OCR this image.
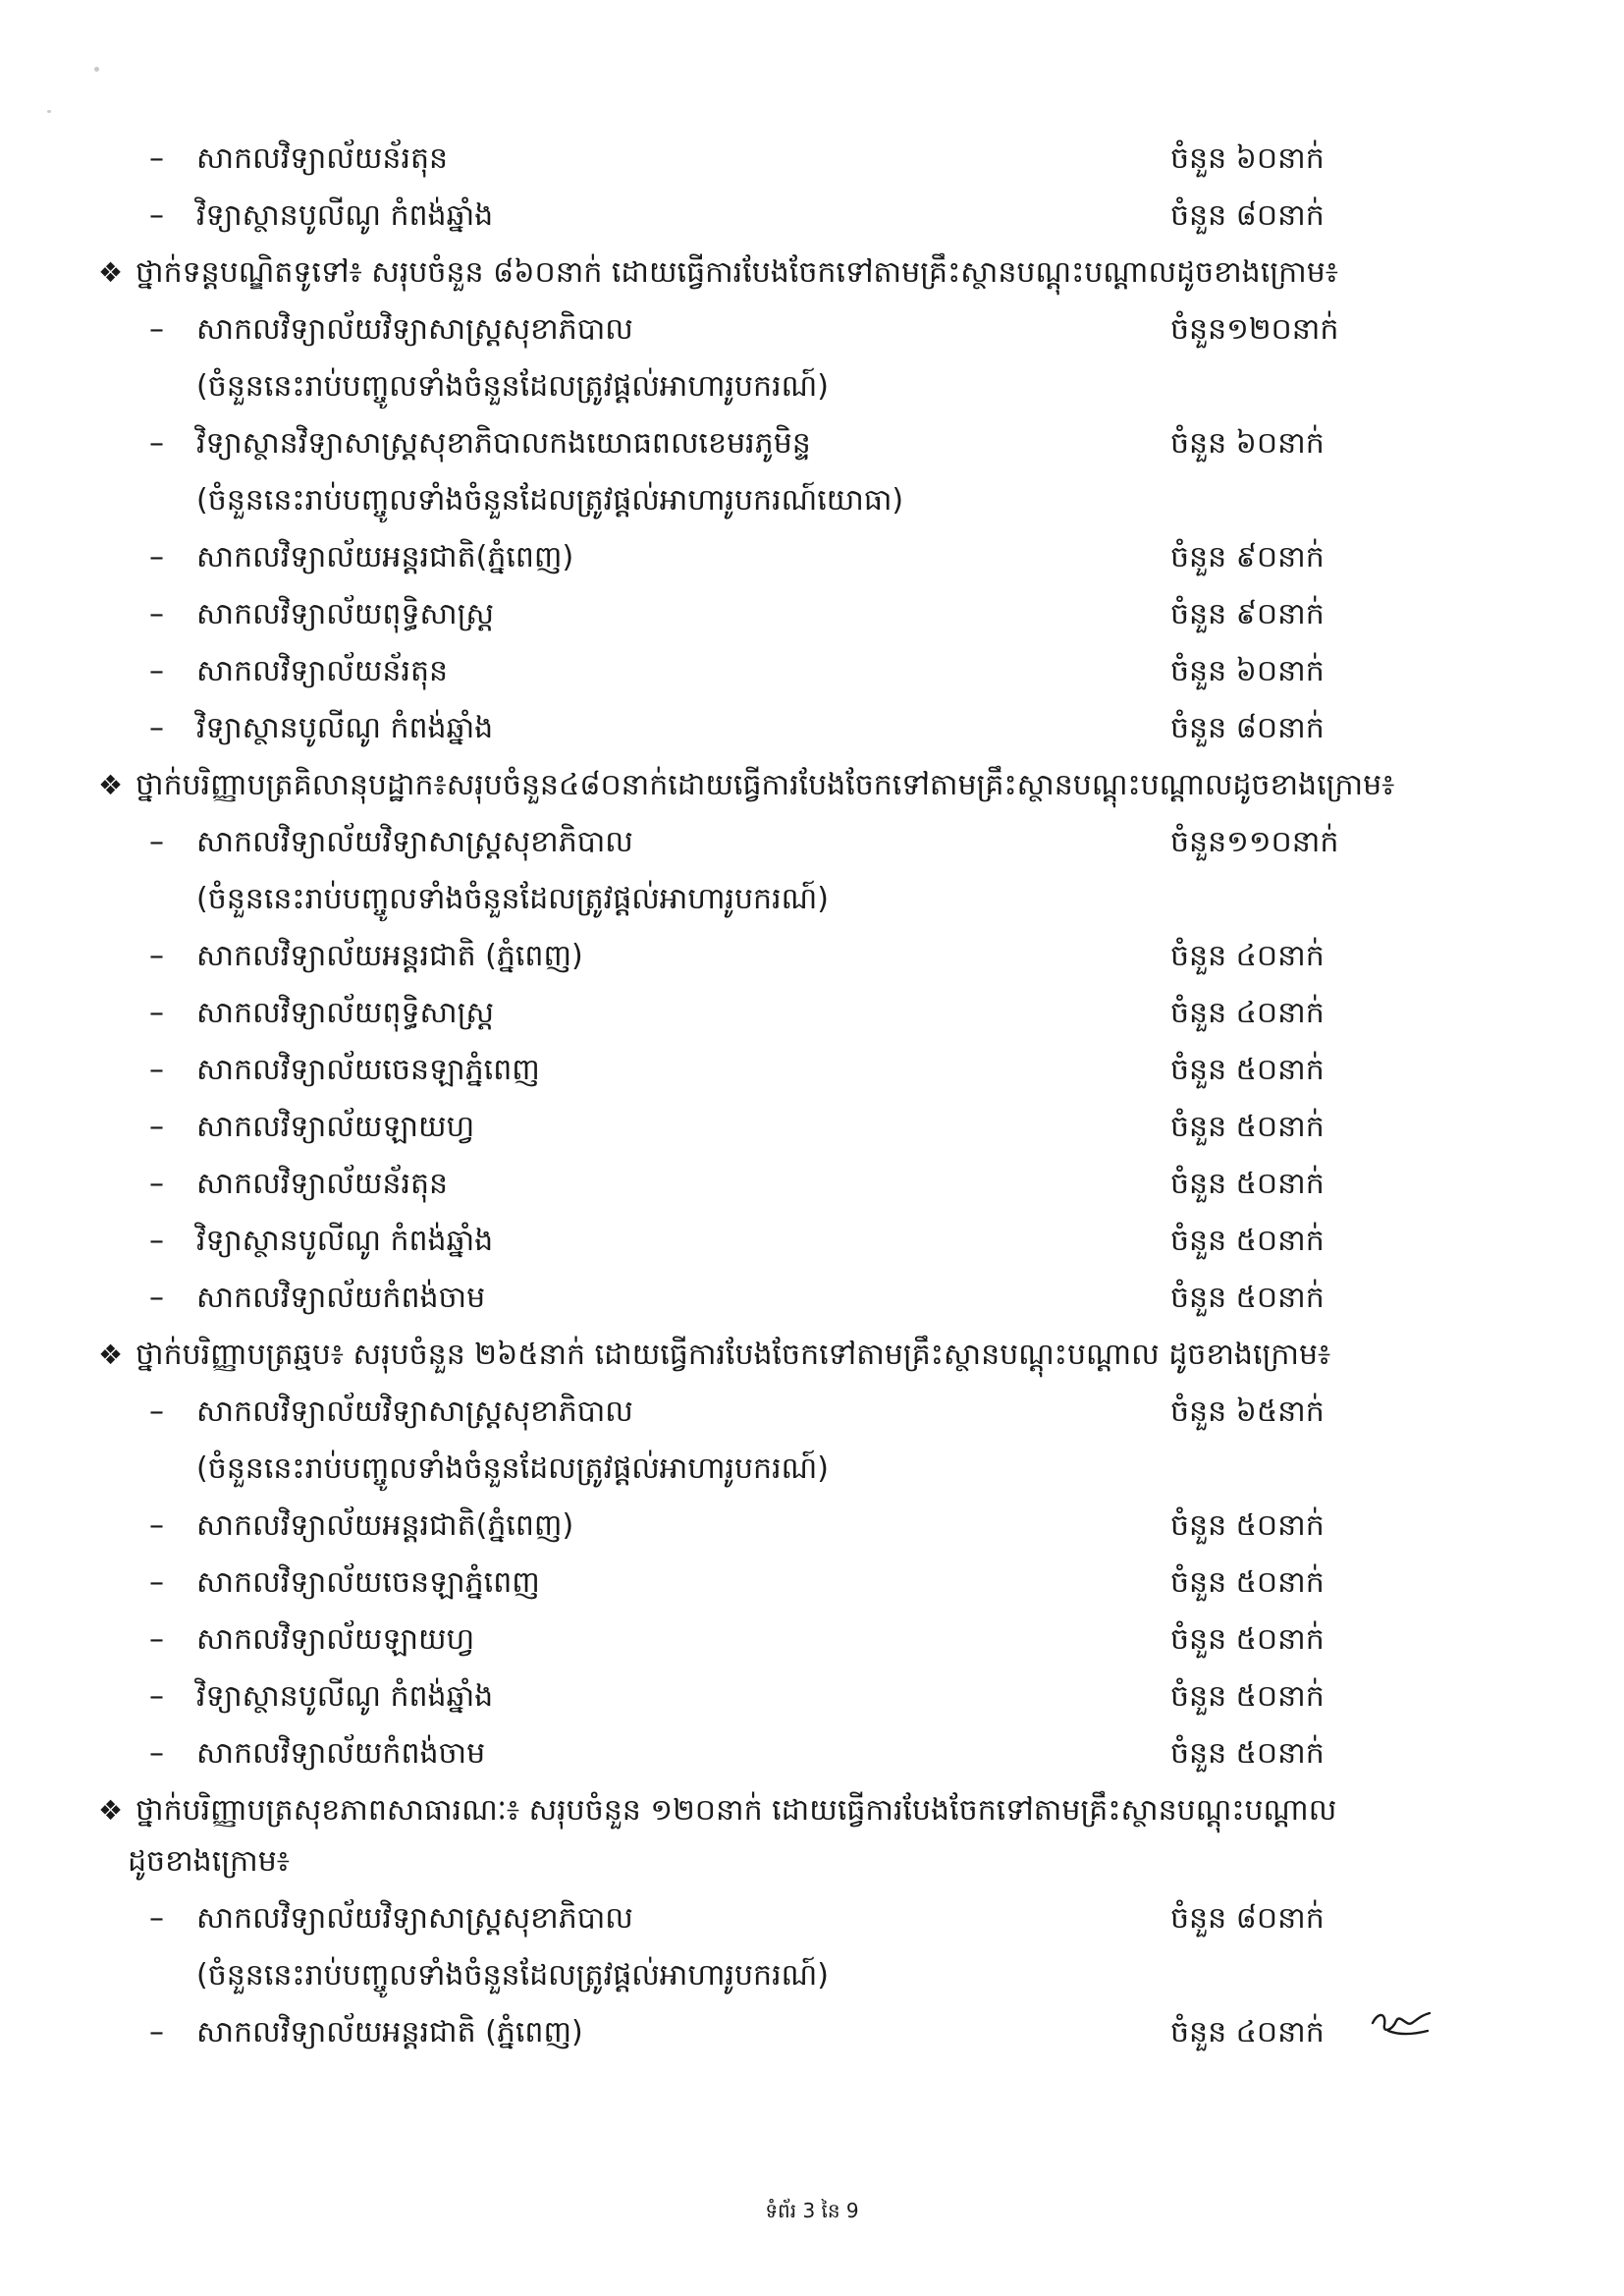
– សាកលវិទ្យាល័យន័រតុន	ចំនួន ៦០នាក់
– វិទ្យាស្ថានបូលីណូ កំពង់ឆ្នាំង	ចំនួន ៨០នាក់
❖ ថ្នាក់ទន្តបណ្ឌិតទូទៅ៖ សរុបចំនួន ៨៦០នាក់ ដោយធ្វើការបែងចែកទៅតាមគ្រឹះស្ថានបណ្ដុះបណ្ដាលដូចខាងក្រោម៖
– សាកលវិទ្យាល័យវិទ្យាសាស្ត្រសុខាភិបាល	ចំនួន១២០នាក់
(ចំនួននេះរាប់បញ្ចូលទាំងចំនួនដែលត្រូវផ្ដល់អាហារូបករណ៍)
– វិទ្យាស្ថានវិទ្យាសាស្ត្រសុខាភិបាលកងយោធពលខេមរភូមិន្ទ	ចំនួន ៦០នាក់
(ចំនួននេះរាប់បញ្ចូលទាំងចំនួនដែលត្រូវផ្ដល់អាហារូបករណ៍យោធា)
– សាកលវិទ្យាល័យអន្តរជាតិ(ភ្នំពេញ)	ចំនួន ៩០នាក់
– សាកលវិទ្យាល័យពុទ្ធិសាស្ត្រ	ចំនួន ៩០នាក់
– សាកលវិទ្យាល័យន័រតុន	ចំនួន ៦០នាក់
– វិទ្យាស្ថានបូលីណូ កំពង់ឆ្នាំង	ចំនួន ៨០នាក់
❖ ថ្នាក់បរិញ្ញាបត្រគិលានុបដ្ឋាក៖សរុបចំនួន៤៨០នាក់ដោយធ្វើការបែងចែកទៅតាមគ្រឹះស្ថានបណ្ដុះបណ្ដាលដូចខាងក្រោម៖
– សាកលវិទ្យាល័យវិទ្យាសាស្ត្រសុខាភិបាល	ចំនួន១១០នាក់
(ចំនួននេះរាប់បញ្ចូលទាំងចំនួនដែលត្រូវផ្ដល់អាហារូបករណ៍)
– សាកលវិទ្យាល័យអន្តរជាតិ (ភ្នំពេញ)	ចំនួន ៤០នាក់
– សាកលវិទ្យាល័យពុទ្ធិសាស្ត្រ	ចំនួន ៤០នាក់
– សាកលវិទ្យាល័យចេនឡាភ្នំពេញ	ចំនួន ៥០នាក់
– សាកលវិទ្យាល័យឡាយហ្វ	ចំនួន ៥០នាក់
– សាកលវិទ្យាល័យន័រតុន	ចំនួន ៥០នាក់
– វិទ្យាស្ថានបូលីណូ កំពង់ឆ្នាំង	ចំនួន ៥០នាក់
– សាកលវិទ្យាល័យកំពង់ចាម	ចំនួន ៥០នាក់
❖ ថ្នាក់បរិញ្ញាបត្រឆ្មប៖ សរុបចំនួន ២៦៥នាក់ ដោយធ្វើការបែងចែកទៅតាមគ្រឹះស្ថានបណ្ដុះបណ្ដាល ដូចខាងក្រោម៖
– សាកលវិទ្យាល័យវិទ្យាសាស្ត្រសុខាភិបាល	ចំនួន ៦៥នាក់
(ចំនួននេះរាប់បញ្ចូលទាំងចំនួនដែលត្រូវផ្ដល់អាហារូបករណ៍)
– សាកលវិទ្យាល័យអន្តរជាតិ(ភ្នំពេញ)	ចំនួន ៥០នាក់
– សាកលវិទ្យាល័យចេនឡាភ្នំពេញ	ចំនួន ៥០នាក់
– សាកលវិទ្យាល័យឡាយហ្វ	ចំនួន ៥០នាក់
– វិទ្យាស្ថានបូលីណូ កំពង់ឆ្នាំង	ចំនួន ៥០នាក់
– សាកលវិទ្យាល័យកំពង់ចាម	ចំនួន ៥០នាក់
❖ ថ្នាក់បរិញ្ញាបត្រសុខភាពសាធារណៈ៖ សរុបចំនួន ១២០នាក់ ដោយធ្វើការបែងចែកទៅតាមគ្រឹះស្ថានបណ្ដុះបណ្ដាល
ដូចខាងក្រោម៖
– សាកលវិទ្យាល័យវិទ្យាសាស្ត្រសុខាភិបាល	ចំនួន ៨០នាក់
(ចំនួននេះរាប់បញ្ចូលទាំងចំនួនដែលត្រូវផ្ដល់អាហារូបករណ៍)
– សាកលវិទ្យាល័យអន្តរជាតិ (ភ្នំពេញ)	ចំនួន ៤០នាក់
ទំព័រ 3 នៃ 9
